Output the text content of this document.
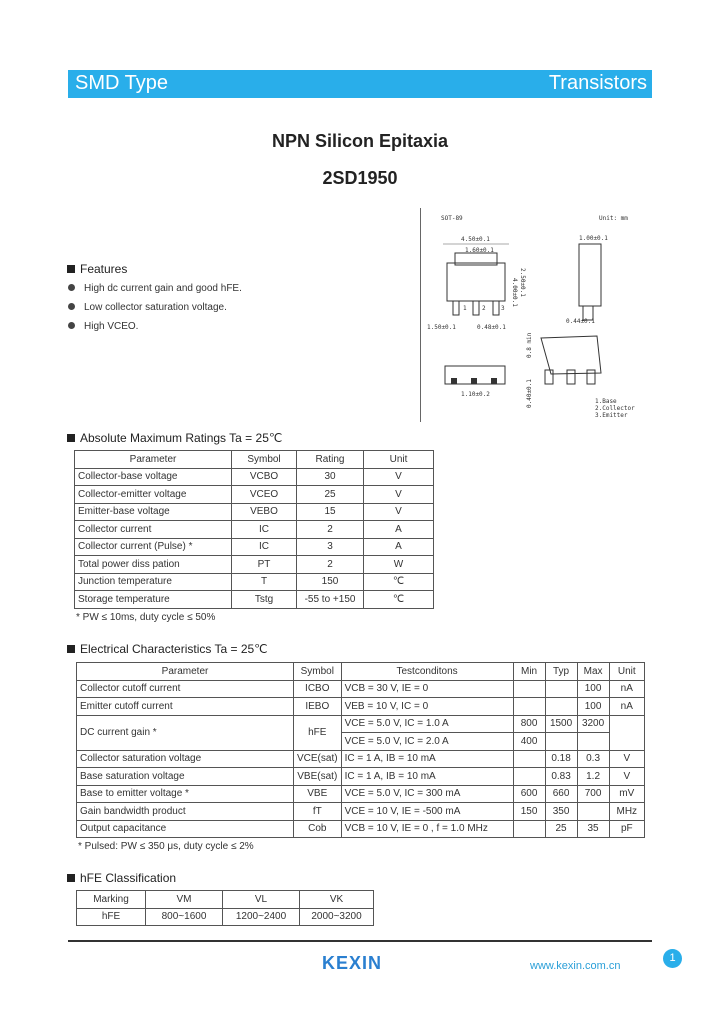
SMD Type	Transistors
NPN Silicon Epitaxia
2SD1950
Features
High dc current gain and good hFE.
Low collector saturation voltage.
High VCEO.
SOT-89	Unit: mm
4.50±0.1
1.60±0.1
1	2	3
1.50±0.1	0.48±0.1
4.00±0.1 2.50±0.1
1.00±0.1
0.44±0.1
0.8 min
0.40±0.1
1.10±0.2
1.Base
2.Collector
3.Emitter
Absolute Maximum Ratings Ta = 25℃
Parameter	Symbol	Rating	Unit
Collector-base voltage	VCBO	30	V
Collector-emitter voltage	VCEO	25	V
Emitter-base voltage	VEBO	15	V
Collector current	IC	2	A
Collector current (Pulse) *	IC	3	A
Total power diss pation	PT	2	W
Junction temperature	T	150	℃
Storage temperature	Tstg	-55 to +150	℃
* PW ≤ 10ms, duty cycle ≤ 50%
Electrical Characteristics Ta = 25℃
Parameter	Symbol	Testconditons	Min	Typ	Max	Unit
Collector cutoff current	ICBO	VCB = 30 V, IE = 0			100	nA
Emitter cutoff current	IEBO	VEB = 10 V, IC = 0			100	nA
DC current gain *	hFE	VCE = 5.0 V, IC = 1.0 A	800	1500	3200	
		VCE = 5.0 V, IC = 2.0 A	400			
Collector saturation voltage	VCE(sat)	IC = 1 A, IB = 10 mA		0.18	0.3	V
Base saturation voltage	VBE(sat)	IC = 1 A, IB = 10 mA		0.83	1.2	V
Base to emitter voltage *	VBE	VCE = 5.0 V, IC = 300 mA	600	660	700	mV
Gain bandwidth product	fT	VCE = 10 V, IE = -500 mA	150	350		MHz
Output capacitance	Cob	VCB = 10 V, IE = 0 , f = 1.0 MHz		25	35	pF
* Pulsed: PW ≤ 350 μs, duty cycle ≤ 2%
hFE Classification
Marking	VM	VL	VK
hFE	800~1600	1200~2400	2000~3200
KEXIN	www.kexin.com.cn
1
